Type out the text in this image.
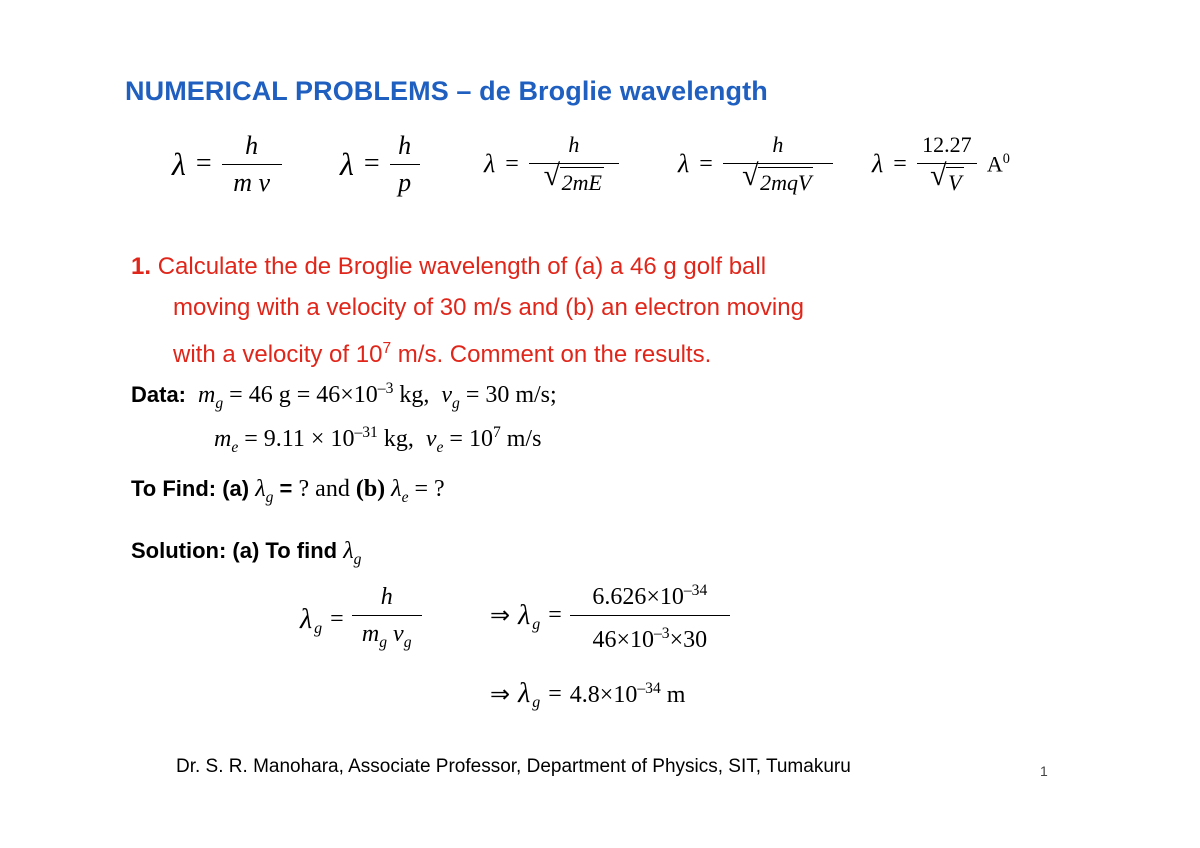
NUMERICAL PROBLEMS – de Broglie wavelength
$\lambda = \frac{h}{\text{m v}}$ $\lambda = \frac{h}{p}$ $\lambda = \frac{h}{√ 2mE}$ $\lambda = \frac{h}{\text{√ 2mqV}}$ $\lambda = \frac{12.27}{√ V} A^0$
1. Calculate the de Broglie wavelength of (a) a 46 g golf ball
moving with a velocity of 30 m/s and (b) an electron moving
with a velocity of $10^7$ m/s. Comment on the results.
Data: $m_g = 46$ $g = 46\times 10^{-3}$ kg, $v_g = 30$ m/s;
$m_e = 9.11 \times 10^{-31}$ kg, $v_e = 10^7$ m/s
To Find: (a) $\lambda_g$ = ? and (b) $\lambda_e$ = ?
Solution: (a) To find $\lambda_g$
λ $g = \frac{h}{m_g v_g}$	⇒ λ $g = \frac{6.626\times 10^{-34}}{46\times 10^{-3}\times 30}$
⇒ $\lambda_g = 4.8\times 10^{-34}$ m
Dr. S. R. Manohara, Associate Professor, Department of Physics, SIT, Tumakuru	1
